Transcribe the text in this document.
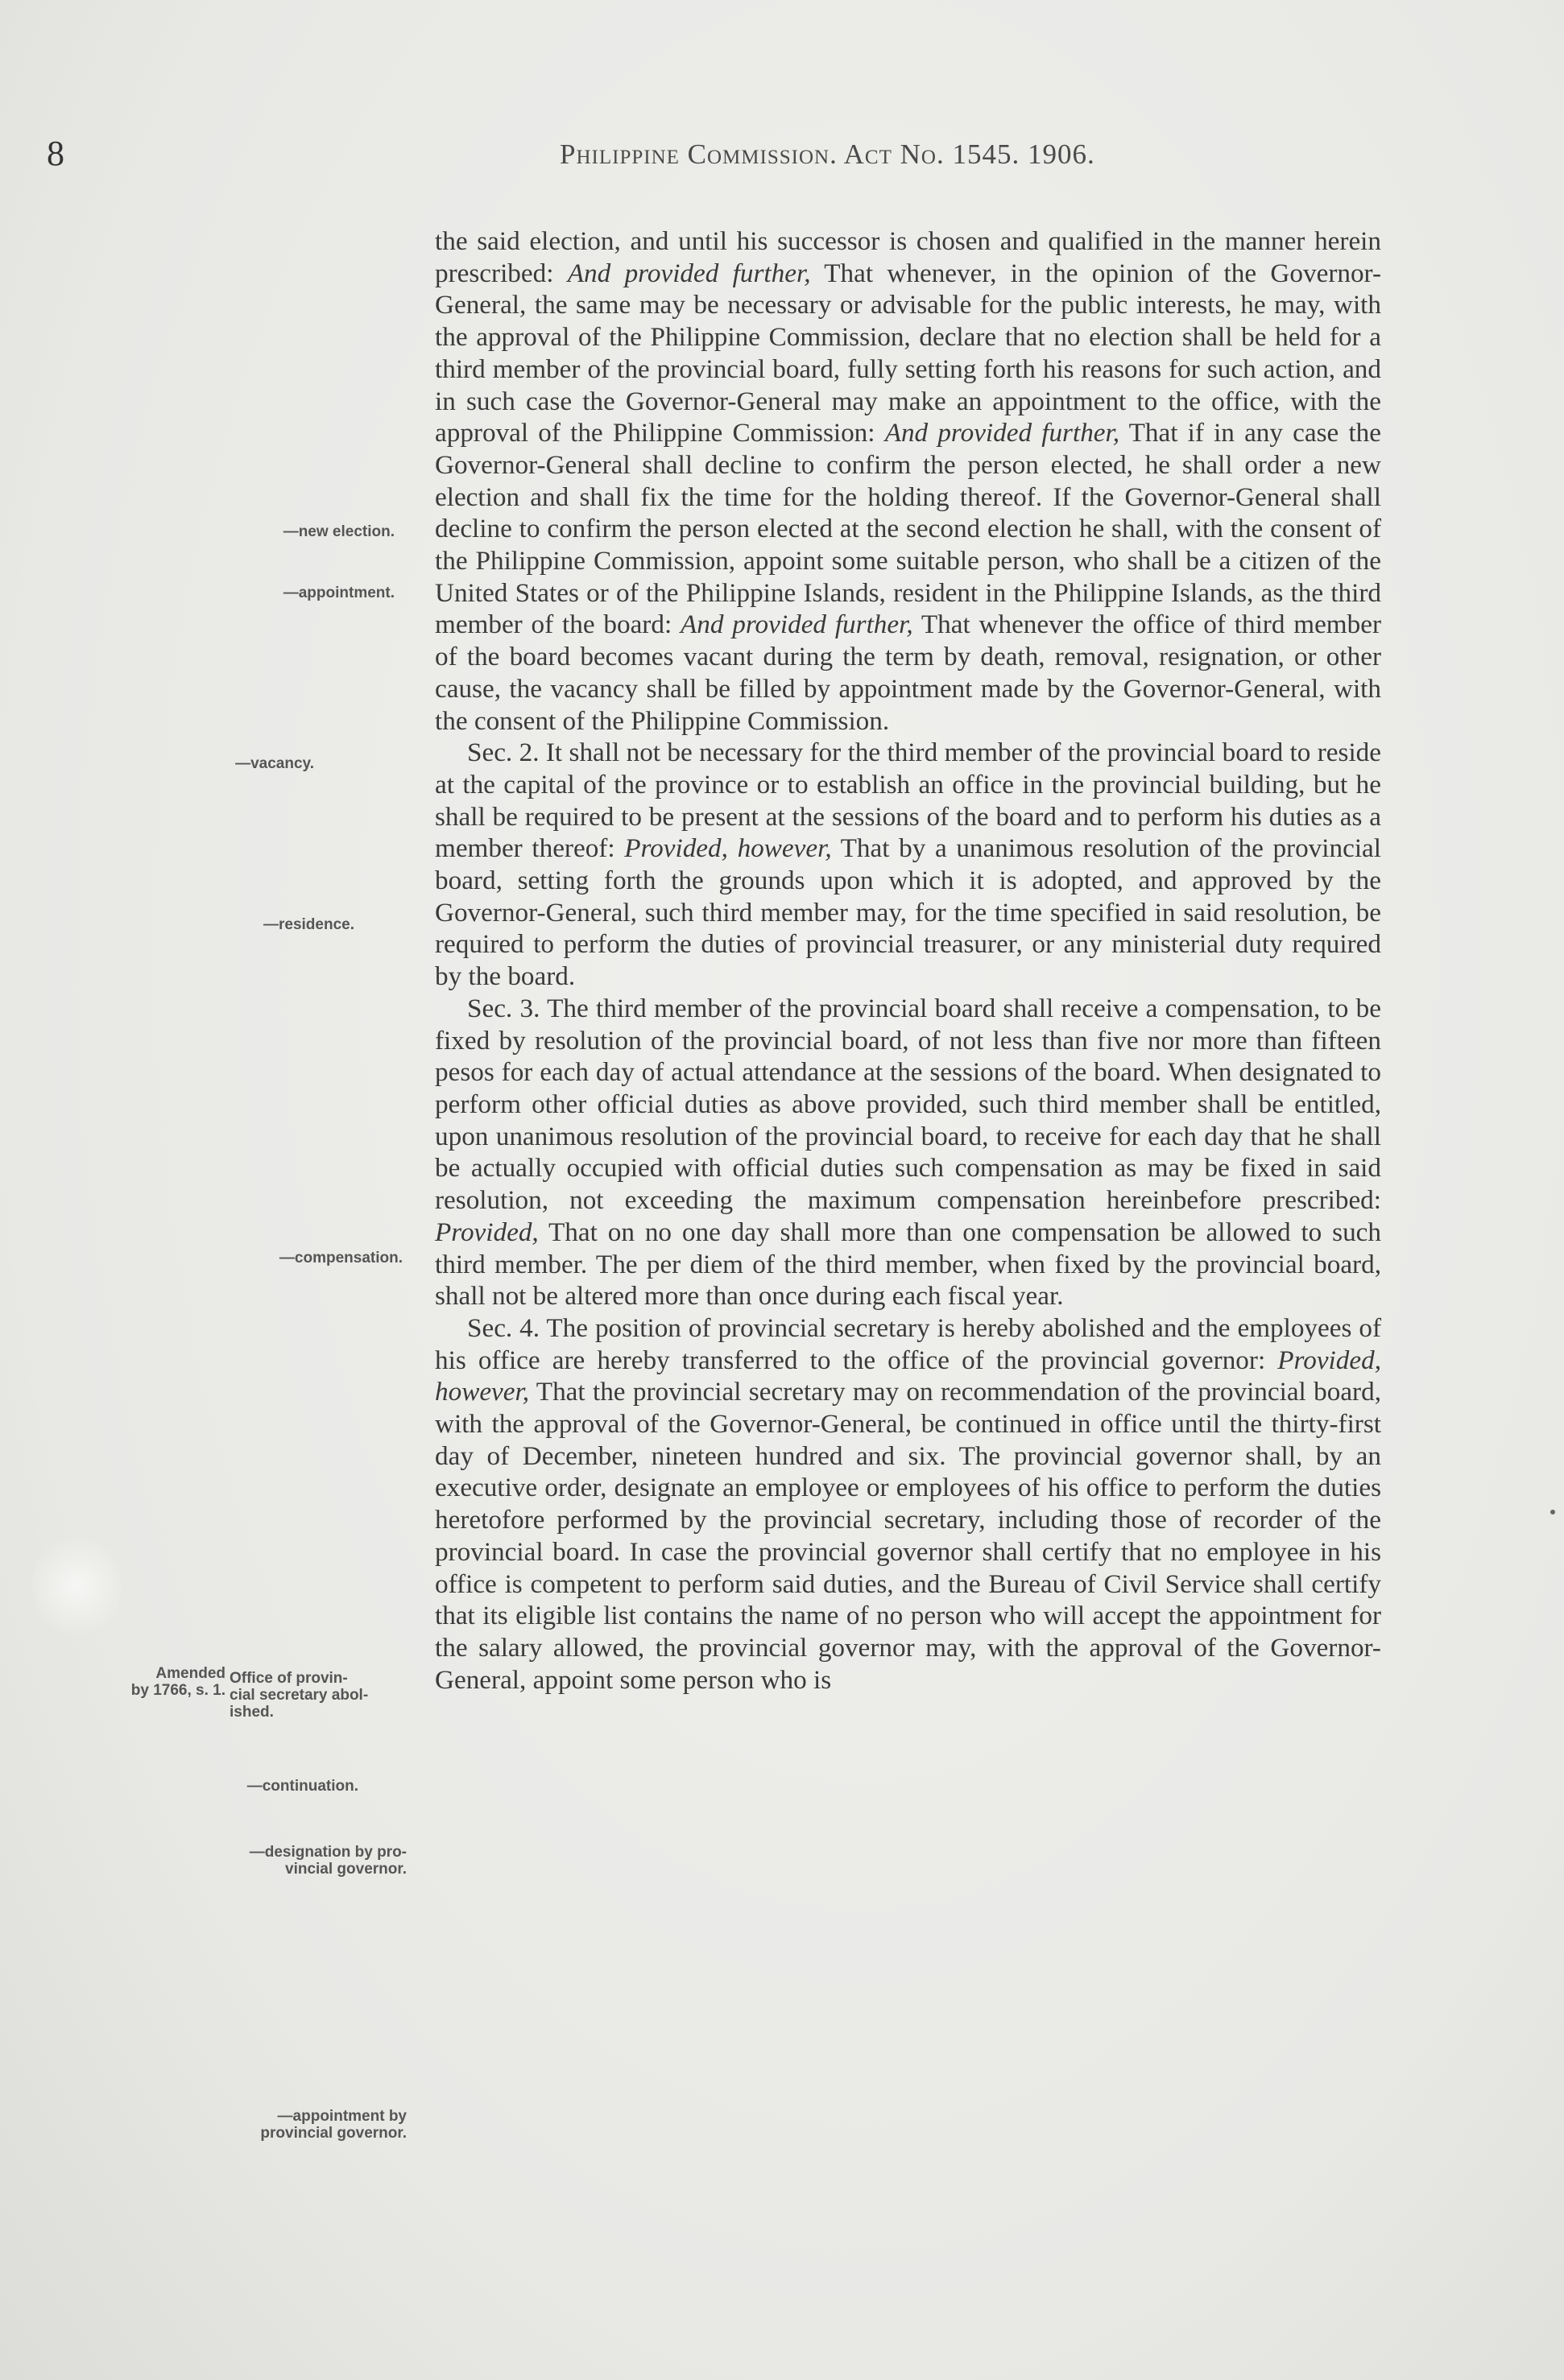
8	Philippine Commission. Act No. 1545. 1906.
—new election.
—appointment.
—vacancy.
—residence.
—compensation.
Amended
by 1766, s. 1.
Office of provin-
cial secretary abol-
ished.
—continuation.
—designation by pro-
vincial governor.
—appointment by
provincial governor.

the said election, and until his successor is chosen and qualified in the manner herein prescribed: And provided further, That whenever, in the opinion of the Governor-General, the same may be necessary or advisable for the public interests, he may, with the approval of the Philippine Commission, declare that no election shall be held for a third member of the provincial board, fully setting forth his reasons for such action, and in such case the Governor-General may make an appointment to the office, with the approval of the Philippine Commission: And provided further, That if in any case the Governor-General shall decline to confirm the person elected, he shall order a new election and shall fix the time for the holding thereof. If the Governor-General shall decline to confirm the person elected at the second election he shall, with the consent of the Philippine Commission, appoint some suitable person, who shall be a citizen of the United States or of the Philippine Islands, resident in the Philippine Islands, as the third member of the board: And provided further, That whenever the office of third member of the board becomes vacant during the term by death, removal, resignation, or other cause, the vacancy shall be filled by appointment made by the Governor-General, with the consent of the Philippine Commission.

Sec. 2. It shall not be necessary for the third member of the provincial board to reside at the capital of the province or to establish an office in the provincial building, but he shall be required to be present at the sessions of the board and to perform his duties as a member thereof: Provided, however, That by a unanimous resolution of the provincial board, setting forth the grounds upon which it is adopted, and approved by the Governor-General, such third member may, for the time specified in said resolution, be required to perform the duties of provincial treasurer, or any ministerial duty required by the board.

Sec. 3. The third member of the provincial board shall receive a compensation, to be fixed by resolution of the provincial board, of not less than five nor more than fifteen pesos for each day of actual attendance at the sessions of the board. When designated to perform other official duties as above provided, such third member shall be entitled, upon unanimous resolution of the provincial board, to receive for each day that he shall be actually occupied with official duties such compensation as may be fixed in said resolution, not exceeding the maximum compensation hereinbefore prescribed: Provided, That on no one day shall more than one compensation be allowed to such third member. The per diem of the third member, when fixed by the provincial board, shall not be altered more than once during each fiscal year.

Sec. 4. The position of provincial secretary is hereby abolished and the employees of his office are hereby transferred to the office of the provincial governor: Provided, however, That the provincial secretary may on recommendation of the provincial board, with the approval of the Governor-General, be continued in office until the thirty-first day of December, nineteen hundred and six. The provincial governor shall, by an executive order, designate an employee or employees of his office to perform the duties heretofore performed by the provincial secretary, including those of recorder of the provincial board. In case the provincial governor shall certify that no employee in his office is competent to perform said duties, and the Bureau of Civil Service shall certify that its eligible list contains the name of no person who will accept the appointment for the salary allowed, the provincial governor may, with the approval of the Governor-General, appoint some person who is
